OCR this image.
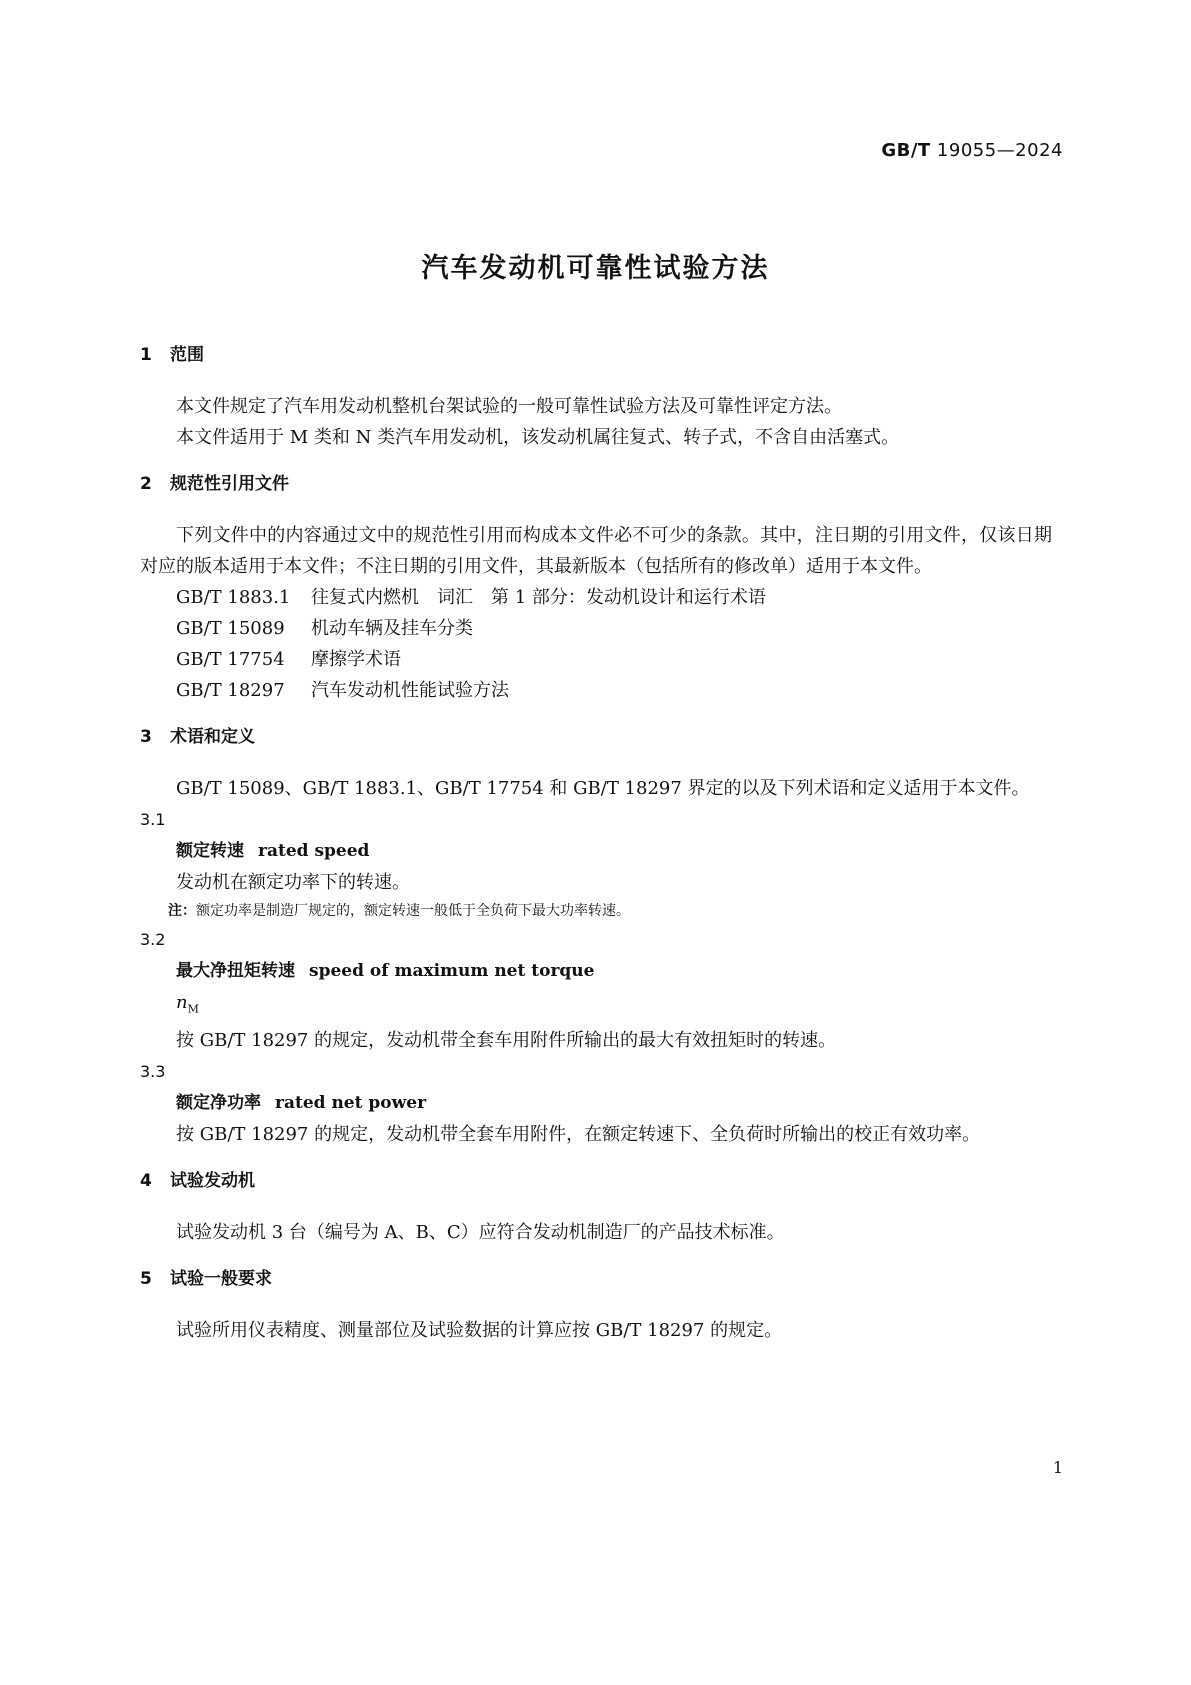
GB/T 19055—2024
汽车发动机可靠性试验方法
1 范围

本文件规定了汽车用发动机整机台架试验的一般可靠性试验方法及可靠性评定方法。

本文件适用于 M 类和 N 类汽车用发动机，该发动机属往复式、转子式，不含自由活塞式。

2 规范性引用文件

下列文件中的内容通过文中的规范性引用而构成本文件必不可少的条款。其中，注日期的引用文件，仅该日期对应的版本适用于本文件；不注日期的引用文件，其最新版本（包括所有的修改单）适用于本文件。

GB/T 1883.1 往复式内燃机　词汇　第 1 部分：发动机设计和运行术语
GB/T 15089 机动车辆及挂车分类
GB/T 17754 摩擦学术语
GB/T 18297 汽车发动机性能试验方法
3 术语和定义

GB/T 15089、GB/T 1883.1、GB/T 17754 和 GB/T 18297 界定的以及下列术语和定义适用于本文件。

3.1
额定转速 rated speed
发动机在额定功率下的转速。
注：额定功率是制造厂规定的，额定转速一般低于全负荷下最大功率转速。
3.2
最大净扭矩转速 speed of maximum net torque
$n_M$
按 GB/T 18297 的规定，发动机带全套车用附件所输出的最大有效扭矩时的转速。
3.3
额定净功率 rated net power
按 GB/T 18297 的规定，发动机带全套车用附件，在额定转速下、全负荷时所输出的校正有效功率。
4 试验发动机

试验发动机 3 台（编号为 A、B、C）应符合发动机制造厂的产品技术标准。

5 试验一般要求

试验所用仪表精度、测量部位及试验数据的计算应按 GB/T 18297 的规定。

1
